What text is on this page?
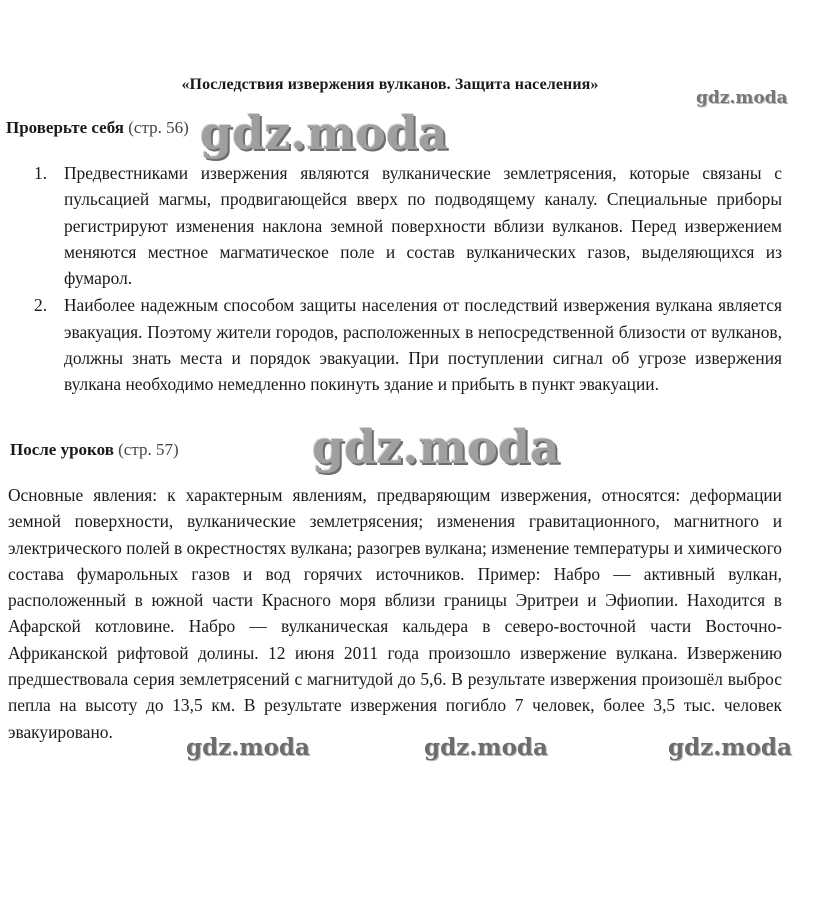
«Последствия извержения вулканов. Защита населения»
Проверьте себя (стр. 56)
1. Предвестниками извержения являются вулканические землетрясения, которые связаны с пульсацией магмы, продвигающейся вверх по подводящему каналу. Специальные приборы регистрируют изменения наклона земной поверхности вблизи вулканов. Перед извержением меняются местное магматическое поле и состав вулканических газов, выделяющихся из фумарол.
2. Наиболее надежным способом защиты населения от последствий извержения вулкана является эвакуация. Поэтому жители городов, расположенных в непосредственной близости от вулканов, должны знать места и порядок эвакуации. При поступлении сигнал об угрозе извержения вулкана необходимо немедленно покинуть здание и прибыть в пункт эвакуации.
После уроков (стр. 57)

Основные явления: к характерным явлениям, предваряющим извержения, относятся: деформации земной поверхности, вулканические землетрясения; изменения гравитационного, магнитного и электрического полей в окрестностях вулкана; разогрев вулкана; изменение температуры и химического состава фумарольных газов и вод горячих источников. Пример: Набро — активный вулкан, расположенный в южной части Красного моря вблизи границы Эритреи и Эфиопии. Находится в Афарской котловине. Набро — вулканическая кальдера в северо-восточной части Восточно-Африканской рифтовой долины. 12 июня 2011 года произошло извержение вулкана. Извержению предшествовала серия землетрясений с магнитудой до 5,6. В результате извержения произошёл выброс пепла на высоту до 13,5 км. В результате извержения погибло 7 человек, более 3,5 тыс. человек эвакуировано.

gdz.moda
gdz.moda
gdz.moda
gdz.moda	gdz.moda	gdz.moda
